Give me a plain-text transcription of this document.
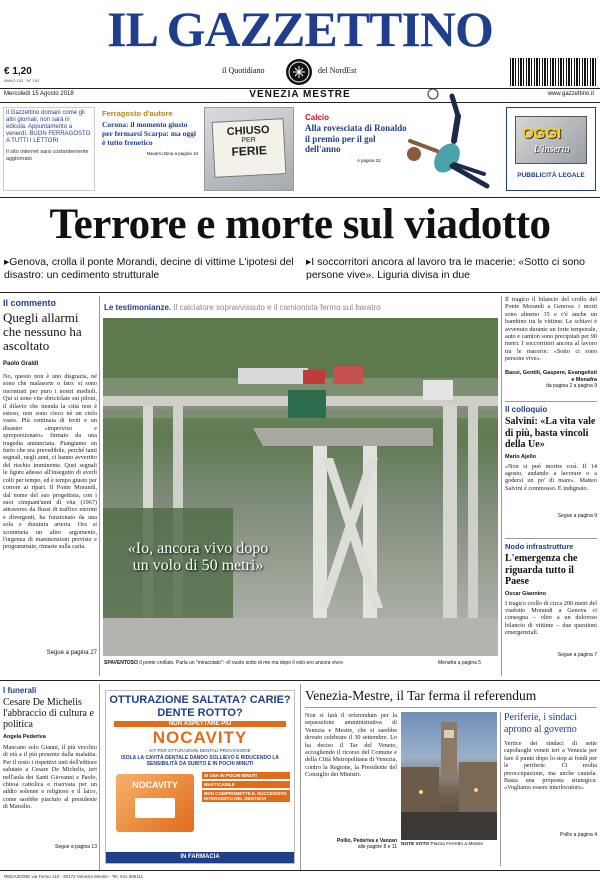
IL GAZZETTINO
€ 1,20
ANNO 132 - N° 192
il Quotidiano	del NordEst
Mercoledì 15 Agosto 2018	VENEZIA MESTRE	www.gazzettino.it
Il Gazzettino domani come gli altri giornali, non sarà in edicola. Appuntamento a venerdì. BUON FERRAGOSTO A TUTTI I LETTORI
Il sito internet sarà costantemente aggiornato
Ferragosto d'autore
Corona: il momento giusto per fermarsi Scarpa: ma oggi è tutto frenetico
Navarro Dina a pagina 10
CHIUSO
PER
FERIE
Calcio
Alla rovesciata di Ronaldo il premio per il gol dell'anno
A pagina 22
OGGI
L'inserto
PUBBLICITÀ LEGALE
Terrore e morte sul viadotto
▸Genova, crolla il ponte Morandi, decine di vittime L'ipotesi del disastro: un cedimento strutturale
▸I soccorritori ancora al lavoro tra le macerie: «Sotto ci sono persone vive». Liguria divisa in due
Il commento
Quegli allarmi che nessuno ha ascoltato
Paolo Graldi
No, questo non è uno disgrazia, né sono che malasorte o fato: si sono incontrati per puro i nostri medioli. Qui si sono vite sbriciolate sui piloni, il dilavio che inonda la città non è esteso, non sono cieco né un cielo vasto. Più centinaia di feriti e un disastro «impreviso e sproporzionato» firmato da una tragedia annunciata. Piangiamo un furto che era prevedibile, perché tanti segnali, negli anni, ci hanno avvertito del rischio imminente. Quei segnali le ligure adesso all'inseguito di averli colti per tempo, ed è tempo giusto per correre ai ripari. Il Ponte Morandi, dal nome del suo progettista, con i suoi cinquant'anni di vita (1967) attraverso da flussi di traffico enormi e divergenti, ha funzionato da una sola e duratura arteria. Ora si scommeta un altro argomento, l'urgenza di manutenzioni previste e programmate, rimaste sulla carta.
Segue a pagina 27
Le testimonianze. Il calciatore sopravvissuto e il camionista fermo sul baratro
«Io, ancora vivo dopo un volo di 50 metri»
SPAVENTOSO Il ponte crollato. Parla un "miracolato": «Il vuoto sotto di me ma dopo il volo ero ancora vivo»	Menafra a pagina 5
Il tragico il bilancio del crollo del Ponte Morandi a Genova: i morti sono almeno 35 e c'è anche un bambino tra le vittime. Le schiavi è avvenuto durante un forte temporale, auto e camion sono precipitati per 90 metri. I soccorritori ancora al lavoro tra le macerie: «Sotto ci sono persone vive».
Bassi, Gentili, Gaspere, Evangelisti e Menafra
da pagina 2 a pagina 9
Il colloquio
Salvini: «La vita vale di più, basta vincoli della Ue»
Mario Ajello
«Non si può morire così. Il 14 agosto, andando a lavorare o a godersi un po' di mare». Matteo Salvini è commosso. E indignato.
Segue a pagina 9
Nodo infrastrutture
L'emergenza che riguarda tutto il Paese
Oscar Giannino
I tragico crollo di circa 200 metri del viadotto Morandi a Genova ci consegna – oltre a un doloroso bilancio di vittime – due questioni emergenziali.
Segue a pagina 7
I funerali
Cesare De Michelis l'abbraccio di cultura e politica
Angela Pederiva
Mancano solo Gianni, il più vecchio di età a il più presente dalla malattia. Per il resto i rispettivi unti dell'editore salutato a Cesare De Michelis, ieri nell'aula dei Santi Giovanni e Paolo, chiesa cattolica e riservata per un addio solenne e religioso e il laico, come sarebbe piaciuto al presidente di Marsilio.
Segue a pagina 13
OTTURAZIONE SALTATA? CARIE? DENTE ROTTO?
NON ASPETTARE PIÙ
NOCAVITY
KIT PER OTTURAZIONI DENTALI PROVVISORIE
ISOLA LA CAVITÀ DENTALE DANDO SOLLIEVO E RIDUCENDO LA SENSIBILITÀ DA SUBITO E IN POCHI MINUTI
NOCAVITY
SI USA IN POCHI MINUTI
MASTICABILE
NON COMPROMETTE IL SUCCESSIVO INTERVENTO DEL DENTISTA
IN FARMACIA
Venezia-Mestre, il Tar ferma il referendum
Non si farà il referendum per la separazione amministrativa di Venezia e Mestre, che si sarebbe dovuto celebrare il 30 settembre. Lo ha deciso il Tar del Veneto, accogliendo il ricorso del Comune e della Città Metropolitana di Venezia, contro la Regione, la Presidente del Consiglio dei Ministri.
Pollio, Pederiva e Vanzan
alle pagine 8 e 11 NOTE VOTO Piazza Ferretto a Mestre
Periferie, i sindaci aprono al governo
Vertice dei sindaci di sette capoluoghi veneti ieri a Venezia per fare il punto dopo lo stop ai fondi per le periferie. Ci molta preoccupazione, ma anche cautela. Basta una proposta strategica: «Vogliamo essere interlocutori».
Pollio a pagina 4
REDAZIONE via Torino 110 - 30172 Venezia Mestre - Tel. 041 665111
